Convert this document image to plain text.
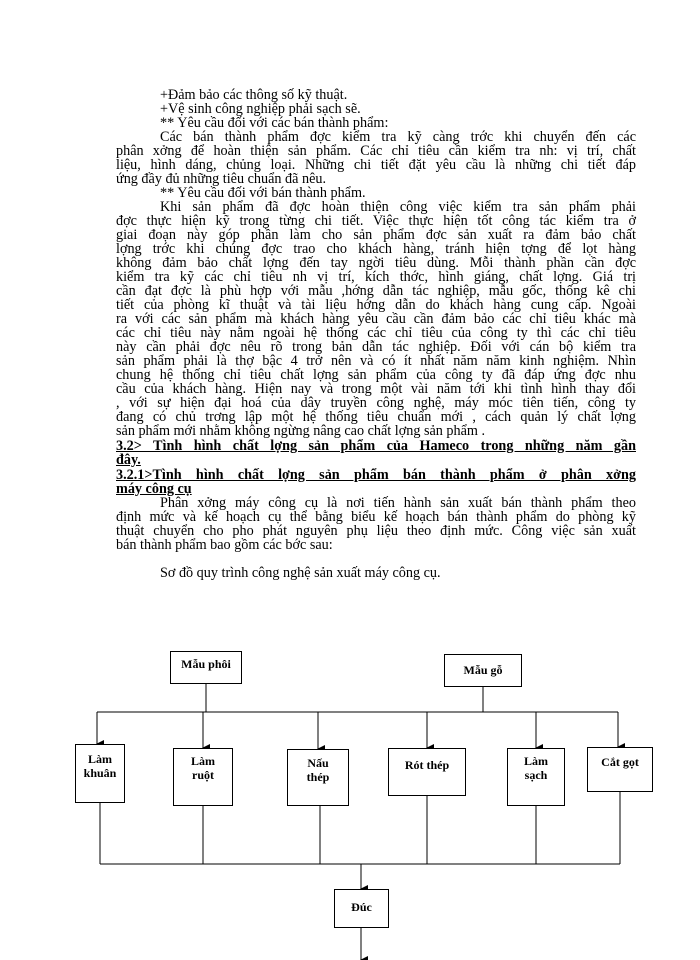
+Đảm bảo các thông số kỹ thuật.
+Vệ sinh công nghiệp phải sạch sẽ.
** Yêu cầu đối với các bán thành phẩm:
Các bán thành phẩm đợc kiểm tra kỹ càng trớc khi chuyển đến các
phân xởng để hoàn thiện sản phẩm. Các chỉ tiêu cần kiểm tra nh: vị trí, chất
liệu, hình dáng, chủng loại. Những chi tiết đặt yêu cầu là những chi tiết đáp
ứng đầy đủ những tiêu chuẩn đã nêu.
** Yêu cầu đối với bán thành phẩm.
Khi sản phẩm đã đợc hoàn thiện công việc kiểm tra sản phẩm phải
đợc thực hiện kỹ trong từng chi tiết. Việc thực hiện tốt công tác kiểm tra ở
giai đoạn này góp phần làm cho sản phẩm đợc sản xuất ra đảm bảo chất
lợng trớc khi chúng đợc trao cho khách hàng, tránh hiện tợng để lọt hàng
không đảm bảo chất lợng đến tay ngời tiêu dùng. Mỗi thành phần cần đợc
kiểm tra kỹ các chỉ tiêu nh vị trí, kích thớc, hình giáng, chất lợng. Giá trị
cần đạt đợc là phù hợp với mẫu ,hớng dẫn tác nghiệp, mẫu gốc, thống kê chi
tiết của phòng kĩ thuật và tài liệu hớng dẫn do khách hàng cung cấp. Ngoài
ra với các sản phẩm mà khách hàng yêu cầu cần đảm bảo các chỉ tiêu khác mà
các chỉ tiêu này nằm ngoài hệ thống các chỉ tiêu của công ty thì các chỉ tiêu
này cần phải đợc nêu rõ trong bản dẫn tác nghiệp. Đối với cán bộ kiểm tra
sản phẩm phải là thợ bậc 4 trở nên và có ít nhất năm năm kinh nghiệm. Nhìn
chung hệ thống chỉ tiêu chất lợng sản phẩm của công ty đã đáp ứng đợc nhu
cầu của khách hàng. Hiện nay và trong một vài năm tới khi tình hình thay đổi
, với sự hiện đại hoá của dây truyền công nghệ, máy móc tiên tiến, công ty
đang có chủ trơng lập một hệ thống tiêu chuẩn mới , cách quản lý chất lợng
sản phẩm mới nhằm không ngừng nâng cao chất lợng sản phẩm .
3.2> Tình hình chất lợng sản phẩm của Hameco trong những năm gần
đây.
3.2.1>Tình hình chất lợng sản phẩm bán thành phẩm ở phân xởng
máy công cụ
Phân xởng máy công cụ là nơi tiến hành sản xuất bán thành phẩm theo
định mức và kế hoạch cụ thể bằng biểu kế hoạch bán thành phẩm do phòng kỹ
thuật chuyển cho pho phát nguyên phụ liệu theo định mức. Công việc sản xuất
bán thành phẩm bao gồm các bớc sau:
Sơ đồ quy trình công nghệ sản xuất máy công cụ.
Mẫu phôi	Mẫu gỗ
Làm
khuân
Làm
ruột
Nấu
thép
Rót thép	Làm
sạch
Cắt gọt
Đúc
